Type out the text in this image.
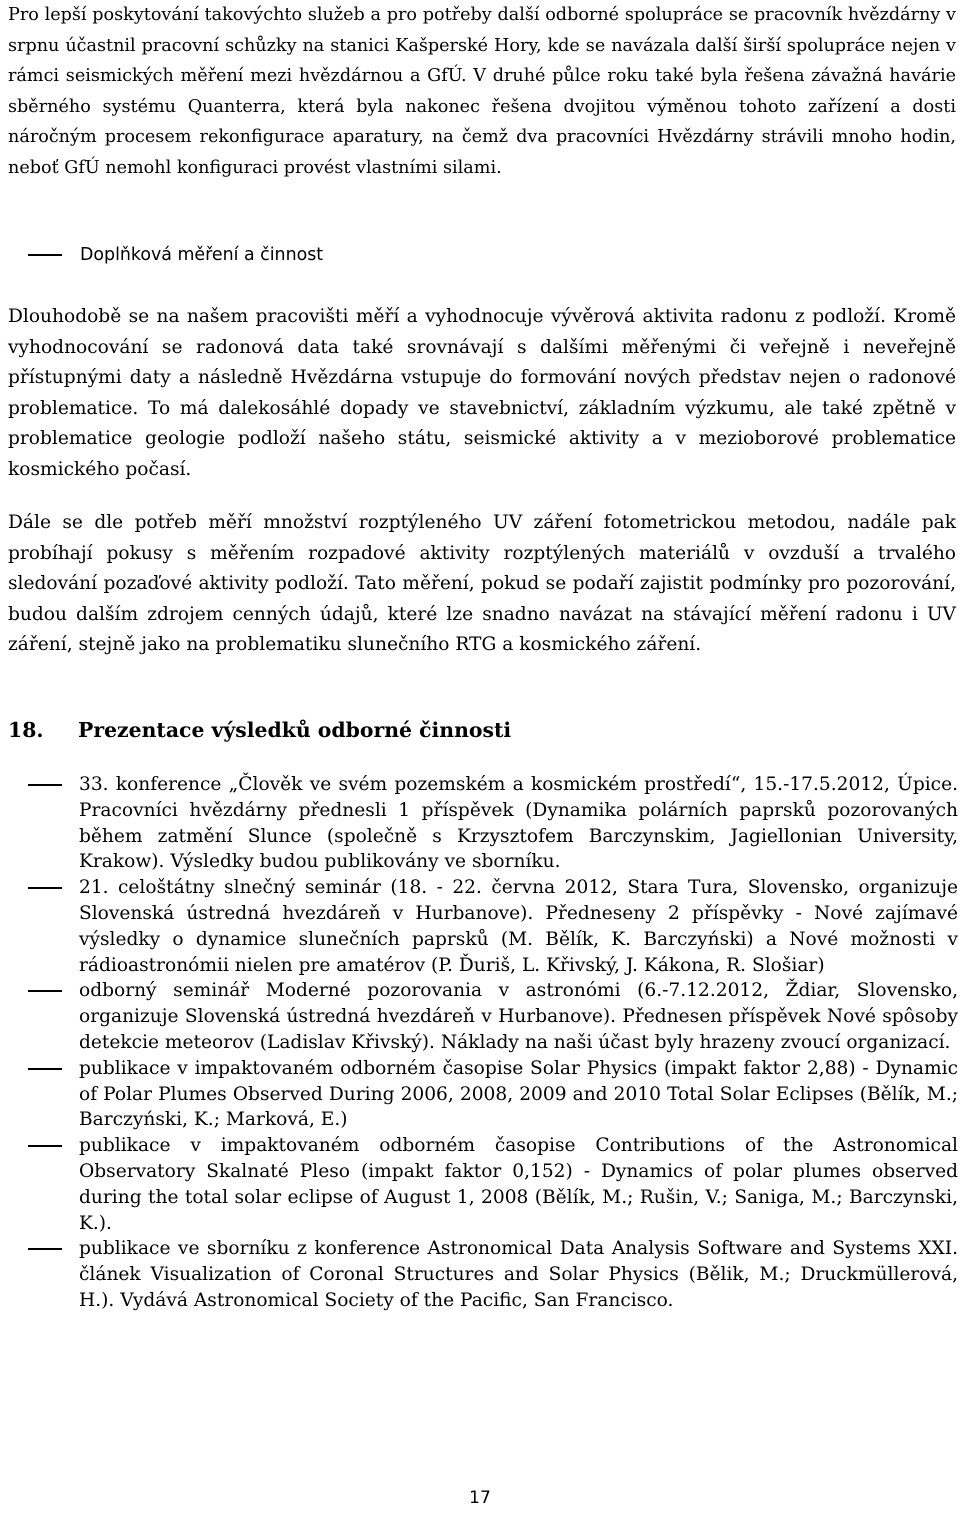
Pro lepší poskytování takovýchto služeb a pro potřeby další odborné spolupráce se pracovník hvězdárny v srpnu účastnil pracovní schůzky na stanici Kašperské Hory, kde se navázala další širší spolupráce nejen v rámci seismických měření mezi hvězdárnou a GfÚ. V druhé půlce roku také byla řešena závažná havárie sběrného systému Quanterra, která byla nakonec řešena dvojitou výměnou tohoto zařízení a dosti náročným procesem rekonfigurace aparatury, na čemž dva pracovníci Hvězdárny strávili mnoho hodin, neboť GfÚ nemohl konfiguraci provést vlastními silami.

Doplňková měření a činnost

Dlouhodobě se na našem pracovišti měří a vyhodnocuje vývěrová aktivita radonu z podloží. Kromě vyhodnocování se radonová data také srovnávají s dalšími měřenými či veřejně i neveřejně přístupnými daty a následně Hvězdárna vstupuje do formování nových představ nejen o radonové problematice. To má dalekosáhlé dopady ve stavebnictví, základním výzkumu, ale také zpětně v problematice geologie podloží našeho státu, seismické aktivity a v mezioborové problematice kosmického počasí.

Dále se dle potřeb měří množství rozptýleného UV záření fotometrickou metodou, nadále pak probíhají pokusy s měřením rozpadové aktivity rozptýlených materiálů v ovzduší a trvalého sledování pozaďové aktivity podloží. Tato měření, pokud se podaří zajistit podmínky pro pozorování, budou dalším zdrojem cenných údajů, které lze snadno navázat na stávající měření radonu i UV záření, stejně jako na problematiku slunečního RTG a kosmického záření.

18. Prezentace výsledků odborné činnosti
33. konference „Člověk ve svém pozemském a kosmickém prostředí“, 15.-17.5.2012, Úpice. Pracovníci hvězdárny přednesli 1 příspěvek (Dynamika polárních paprsků pozorovaných během zatmění Slunce (společně s Krzysztofem Barczynskim, Jagiellonian University, Krakow). Výsledky budou publikovány ve sborníku.
21. celoštátny slnečný seminár (18. - 22. června 2012, Stara Tura, Slovensko, organizuje Slovenská ústredná hvezdáreň v Hurbanove). Předneseny 2 příspěvky - Nové zajímavé výsledky o dynamice slunečních paprsků (M. Bělík, K. Barczyński) a Nové možnosti v rádioastronómii nielen pre amatérov (P. Ďuriš, L. Křivský, J. Kákona, R. Slošiar)
odborný seminář Moderné pozorovania v astronómi (6.-7.12.2012, Ždiar, Slovensko, organizuje Slovenská ústredná hvezdáreň v Hurbanove). Přednesen příspěvek Nové spôsoby detekcie meteorov (Ladislav Křivský). Náklady na naši účast byly hrazeny zvoucí organizací.
publikace v impaktovaném odborném časopise Solar Physics (impakt faktor 2,88) - Dynamic of Polar Plumes Observed During 2006, 2008, 2009 and 2010 Total Solar Eclipses (Bělík, M.; Barczyński, K.; Marková, E.)
publikace v impaktovaném odborném časopise Contributions of the Astronomical Observatory Skalnaté Pleso (impakt faktor 0,152) - Dynamics of polar plumes observed during the total solar eclipse of August 1, 2008 (Bělík, M.; Rušin, V.; Saniga, M.; Barczynski, K.).
publikace ve sborníku z konference Astronomical Data Analysis Software and Systems XXI. článek Visualization of Coronal Structures and Solar Physics (Bělik, M.; Druckmüllerová, H.). Vydává Astronomical Society of the Pacific, San Francisco.
17
